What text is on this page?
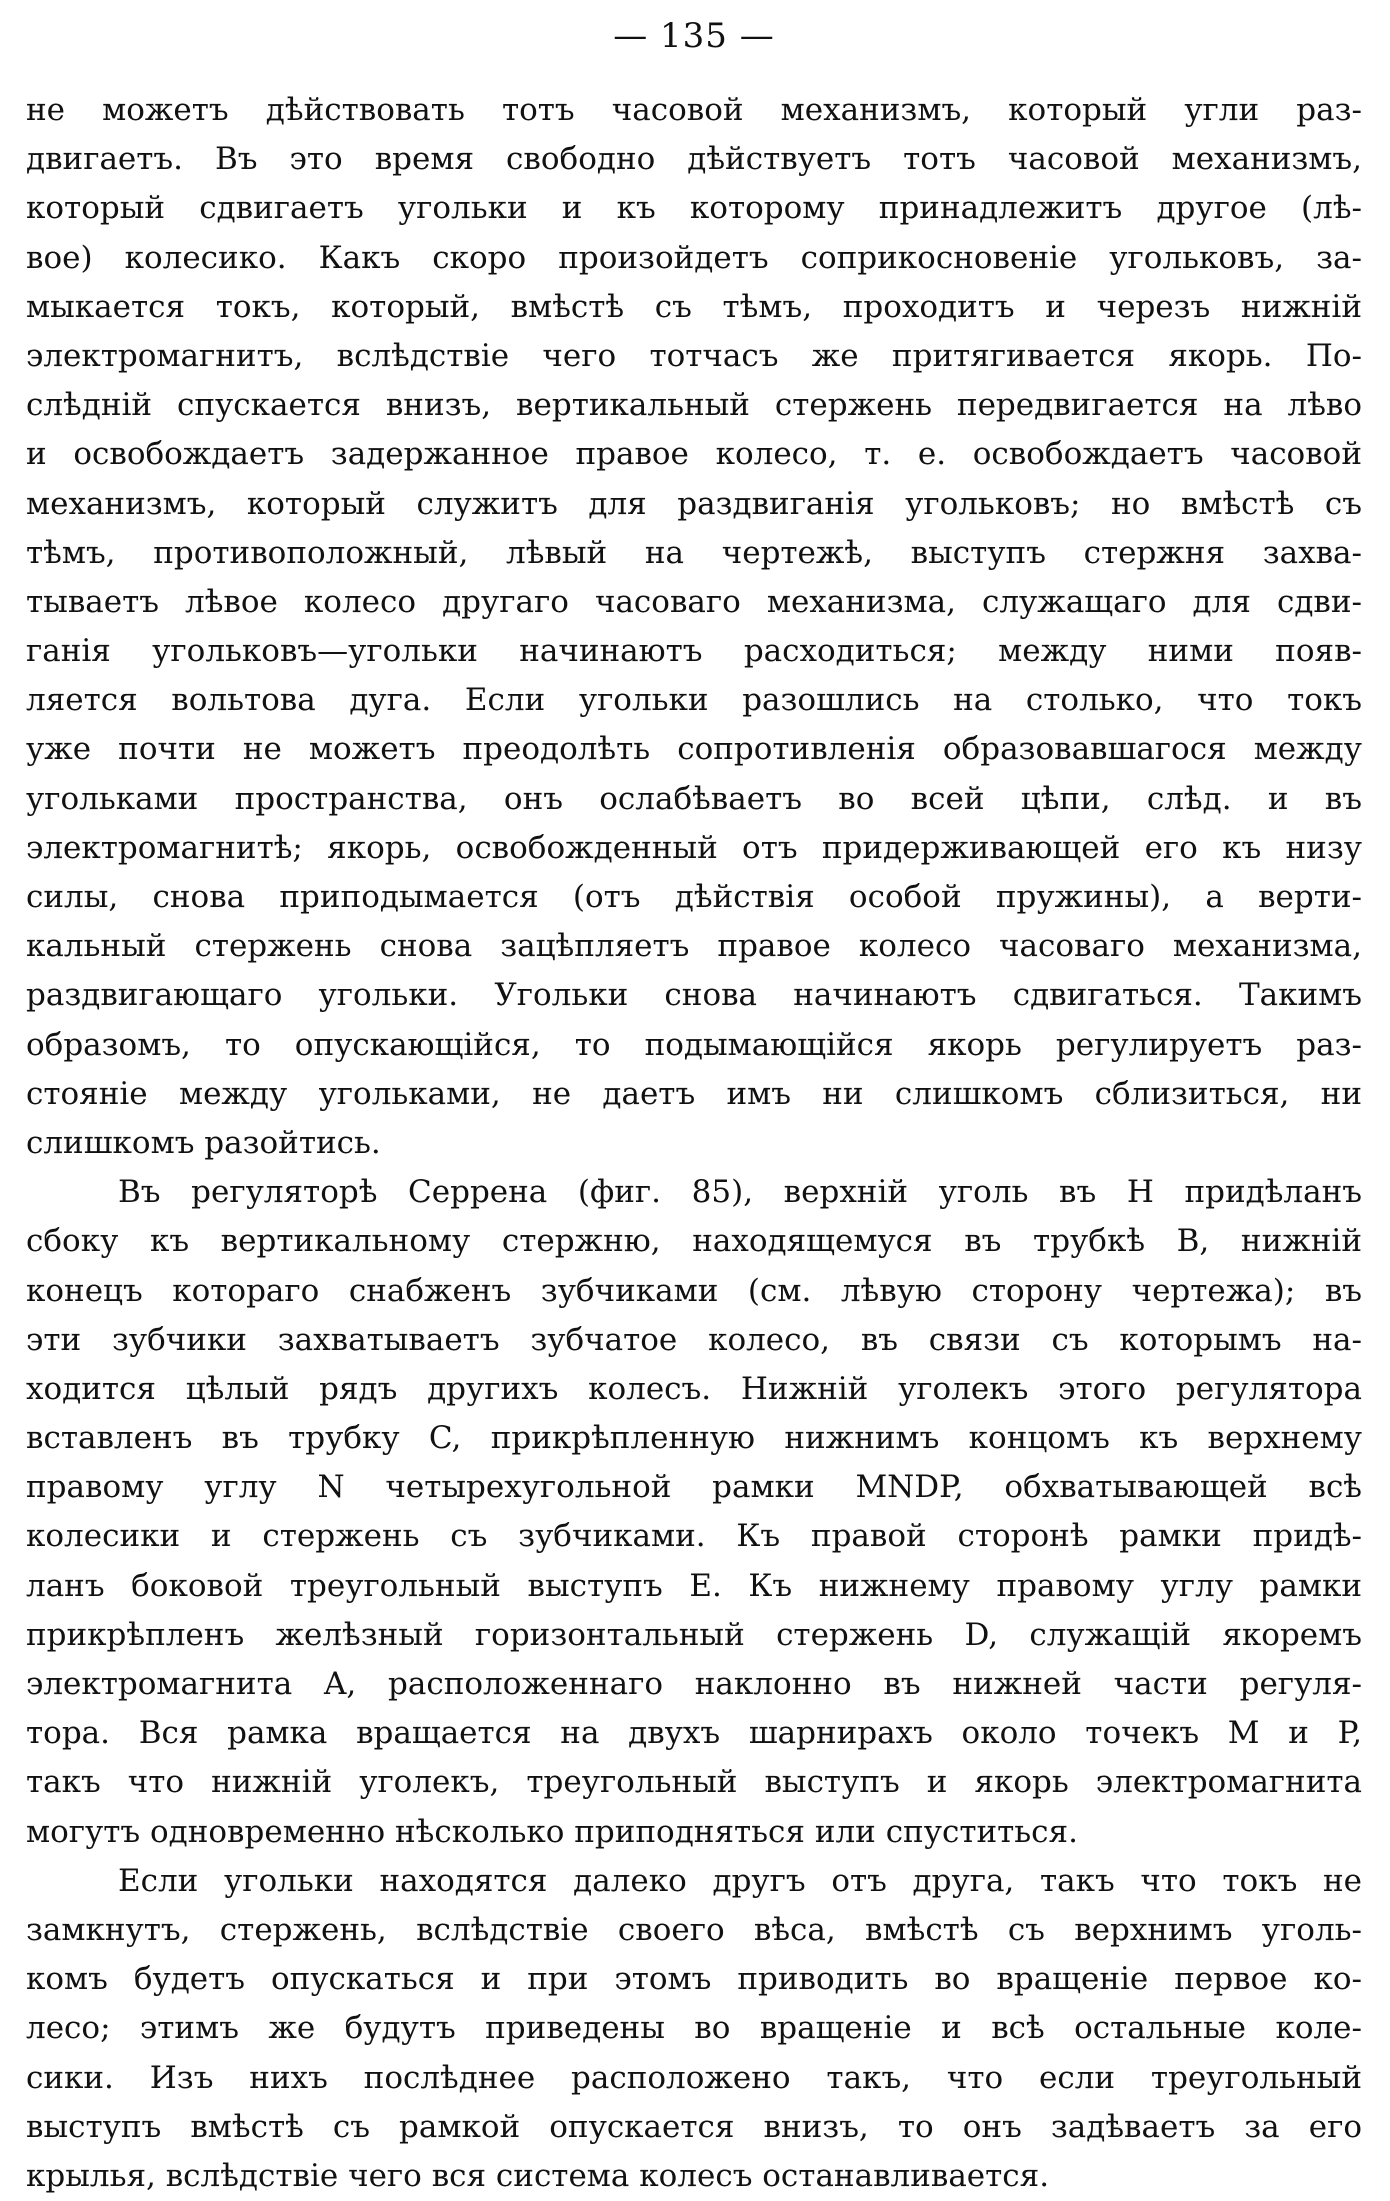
— 135 —
не можетъ дѣйствовать тотъ часовой механизмъ, который угли раз-
двигаетъ. Въ это время свободно дѣйствуетъ тотъ часовой механизмъ,
который сдвигаетъ угольки и къ которому принадлежитъ другое (лѣ-
вое) колесико. Какъ скоро произойдетъ соприкосновеніе угольковъ, за-
мыкается токъ, который, вмѣстѣ съ тѣмъ, проходитъ и черезъ нижній
электромагнитъ, вслѣдствіе чего тотчасъ же притягивается якорь. По-
слѣдній спускается внизъ, вертикальный стержень передвигается на лѣво
и освобождаетъ задержанное правое колесо, т. е. освобождаетъ часовой
механизмъ, который служитъ для раздвиганія угольковъ; но вмѣстѣ съ
тѣмъ, противоположный, лѣвый на чертежѣ, выступъ стержня захва-
тываетъ лѣвое колесо другаго часоваго механизма, служащаго для сдви-
ганія угольковъ—угольки начинаютъ расходиться; между ними появ-
ляется вольтова дуга. Если угольки разошлись на столько, что токъ
уже почти не можетъ преодолѣть сопротивленія образовавшагося между
угольками пространства, онъ ослабѣваетъ во всей цѣпи, слѣд. и въ
электромагнитѣ; якорь, освобожденный отъ придерживающей его къ низу
силы, снова приподымается (отъ дѣйствія особой пружины), а верти-
кальный стержень снова зацѣпляетъ правое колесо часоваго механизма,
раздвигающаго угольки. Угольки снова начинаютъ сдвигаться. Такимъ
образомъ, то опускающійся, то подымающійся якорь регулируетъ раз-
стояніе между угольками, не даетъ имъ ни слишкомъ сблизиться, ни
слишкомъ разойтись.
Въ регуляторѣ Серрена (фиг. 85), верхній уголь въ H придѣланъ
сбоку къ вертикальному стержню, находящемуся въ трубкѣ B, нижній
конецъ котораго снабженъ зубчиками (см. лѣвую сторону чертежа); въ
эти зубчики захватываетъ зубчатое колесо, въ связи съ которымъ на-
ходится цѣлый рядъ другихъ колесъ. Нижній уголекъ этого регулятора
вставленъ въ трубку C, прикрѣпленную нижнимъ концомъ къ верхнему
правому углу N четырехугольной рамки MNDP, обхватывающей всѣ
колесики и стержень съ зубчиками. Къ правой сторонѣ рамки придѣ-
ланъ боковой треугольный выступъ E. Къ нижнему правому углу рамки
прикрѣпленъ желѣзный горизонтальный стержень D, служащій якоремъ
электромагнита A, расположеннаго наклонно въ нижней части регуля-
тора. Вся рамка вращается на двухъ шарнирахъ около точекъ M и P,
такъ что нижній уголекъ, треугольный выступъ и якорь электромагнита
могутъ одновременно нѣсколько приподняться или спуститься.
Если угольки находятся далеко другъ отъ друга, такъ что токъ не
замкнутъ, стержень, вслѣдствіе своего вѣса, вмѣстѣ съ верхнимъ уголь-
комъ будетъ опускаться и при этомъ приводить во вращеніе первое ко-
лесо; этимъ же будутъ приведены во вращеніе и всѣ остальные коле-
сики. Изъ нихъ послѣднее расположено такъ, что если треугольный
выступъ вмѣстѣ съ рамкой опускается внизъ, то онъ задѣваетъ за его
крылья, вслѣдствіе чего вся система колесъ останавливается.
